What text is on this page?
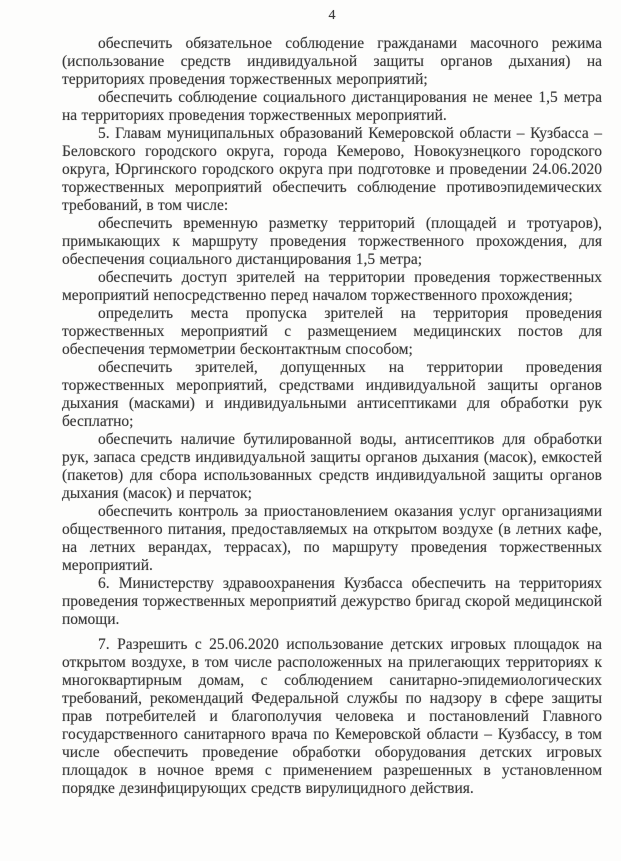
4

обеспечить обязательное соблюдение гражданами масочного режима (использование средств индивидуальной защиты органов дыхания) на территориях проведения торжественных мероприятий;

обеспечить соблюдение социального дистанцирования не менее 1,5 метра на территориях проведения торжественных мероприятий.

5. Главам муниципальных образований Кемеровской области – Кузбасса – Беловского городского округа, города Кемерово, Новокузнецкого городского округа, Юргинского городского округа при подготовке и проведении 24.06.2020 торжественных мероприятий обеспечить соблюдение противоэпидемических требований, в том числе:

обеспечить временную разметку территорий (площадей и тротуаров), примыкающих к маршруту проведения торжественного прохождения, для обеспечения социального дистанцирования 1,5 метра;

обеспечить доступ зрителей на территории проведения торжественных мероприятий непосредственно перед началом торжественного прохождения;

определить места пропуска зрителей на территория проведения торжественных мероприятий с размещением медицинских постов для обеспечения термометрии бесконтактным способом;

обеспечить зрителей, допущенных на территории проведения торжественных мероприятий, средствами индивидуальной защиты органов дыхания (масками) и индивидуальными антисептиками для обработки рук бесплатно;

обеспечить наличие бутилированной воды, антисептиков для обработки рук, запаса средств индивидуальной защиты органов дыхания (масок), емкостей (пакетов) для сбора использованных средств индивидуальной защиты органов дыхания (масок) и перчаток;

обеспечить контроль за приостановлением оказания услуг организациями общественного питания, предоставляемых на открытом воздухе (в летних кафе, на летних верандах, террасах), по маршруту проведения торжественных мероприятий.

6. Министерству здравоохранения Кузбасса обеспечить на территориях проведения торжественных мероприятий дежурство бригад скорой медицинской помощи.

7. Разрешить с 25.06.2020 использование детских игровых площадок на открытом воздухе, в том числе расположенных на прилегающих территориях к многоквартирным домам, с соблюдением санитарно-эпидемиологических требований, рекомендаций Федеральной службы по надзору в сфере защиты прав потребителей и благополучия человека и постановлений Главного государственного санитарного врача по Кемеровской области – Кузбассу, в том числе обеспечить проведение обработки оборудования детских игровых площадок в ночное время с применением разрешенных в установленном порядке дезинфицирующих средств вирулицидного действия.
